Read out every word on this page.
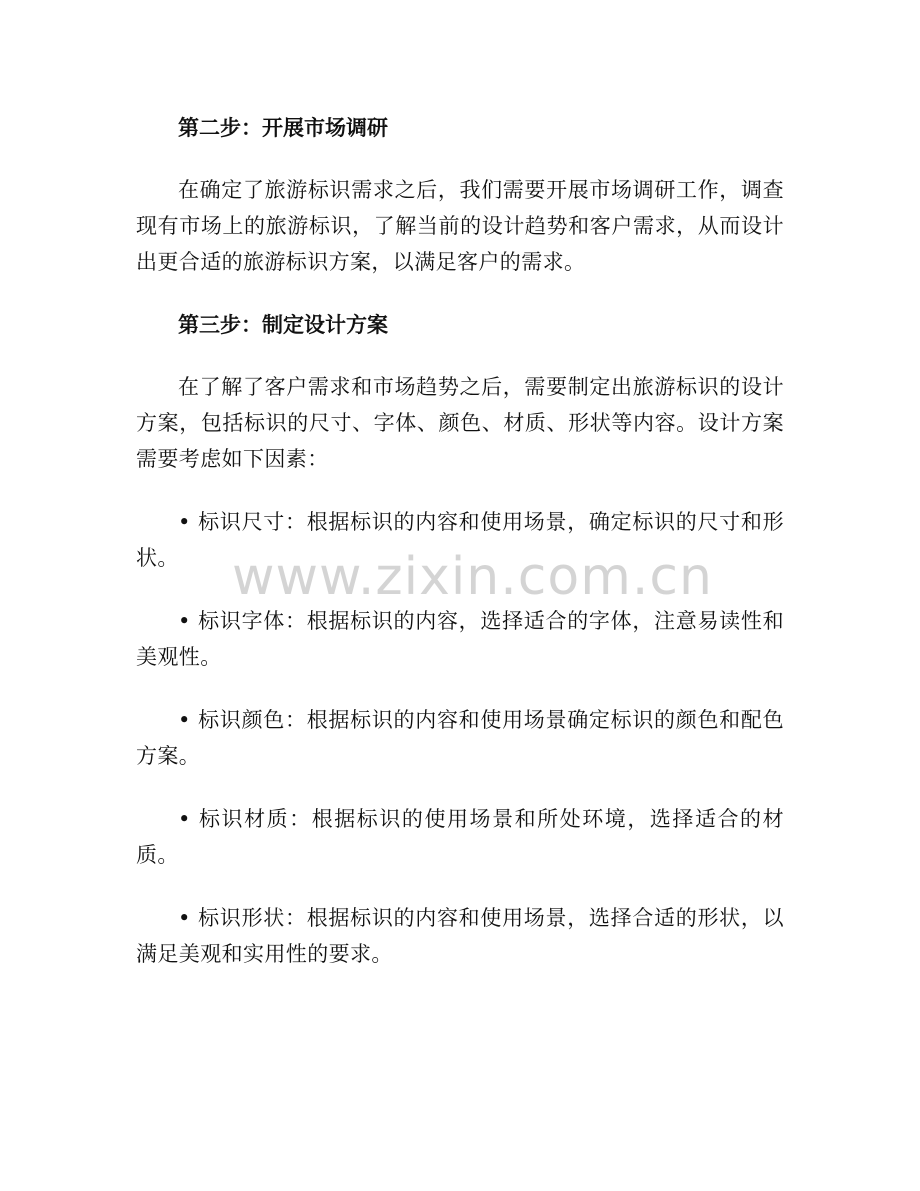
第二步：开展市场调研

在确定了旅游标识需求之后，我们需要开展市场调研工作，调查现有市场上的旅游标识，了解当前的设计趋势和客户需求，从而设计出更合适的旅游标识方案，以满足客户的需求。

第三步：制定设计方案

在了解了客户需求和市场趋势之后，需要制定出旅游标识的设计方案，包括标识的尺寸、字体、颜色、材质、形状等内容。设计方案需要考虑如下因素：

• 标识尺寸：根据标识的内容和使用场景，确定标识的尺寸和形状。

• 标识字体：根据标识的内容，选择适合的字体，注意易读性和美观性。

• 标识颜色：根据标识的内容和使用场景确定标识的颜色和配色方案。

• 标识材质：根据标识的使用场景和所处环境，选择适合的材质。

• 标识形状：根据标识的内容和使用场景，选择合适的形状，以满足美观和实用性的要求。

www.zixin.com.cn
